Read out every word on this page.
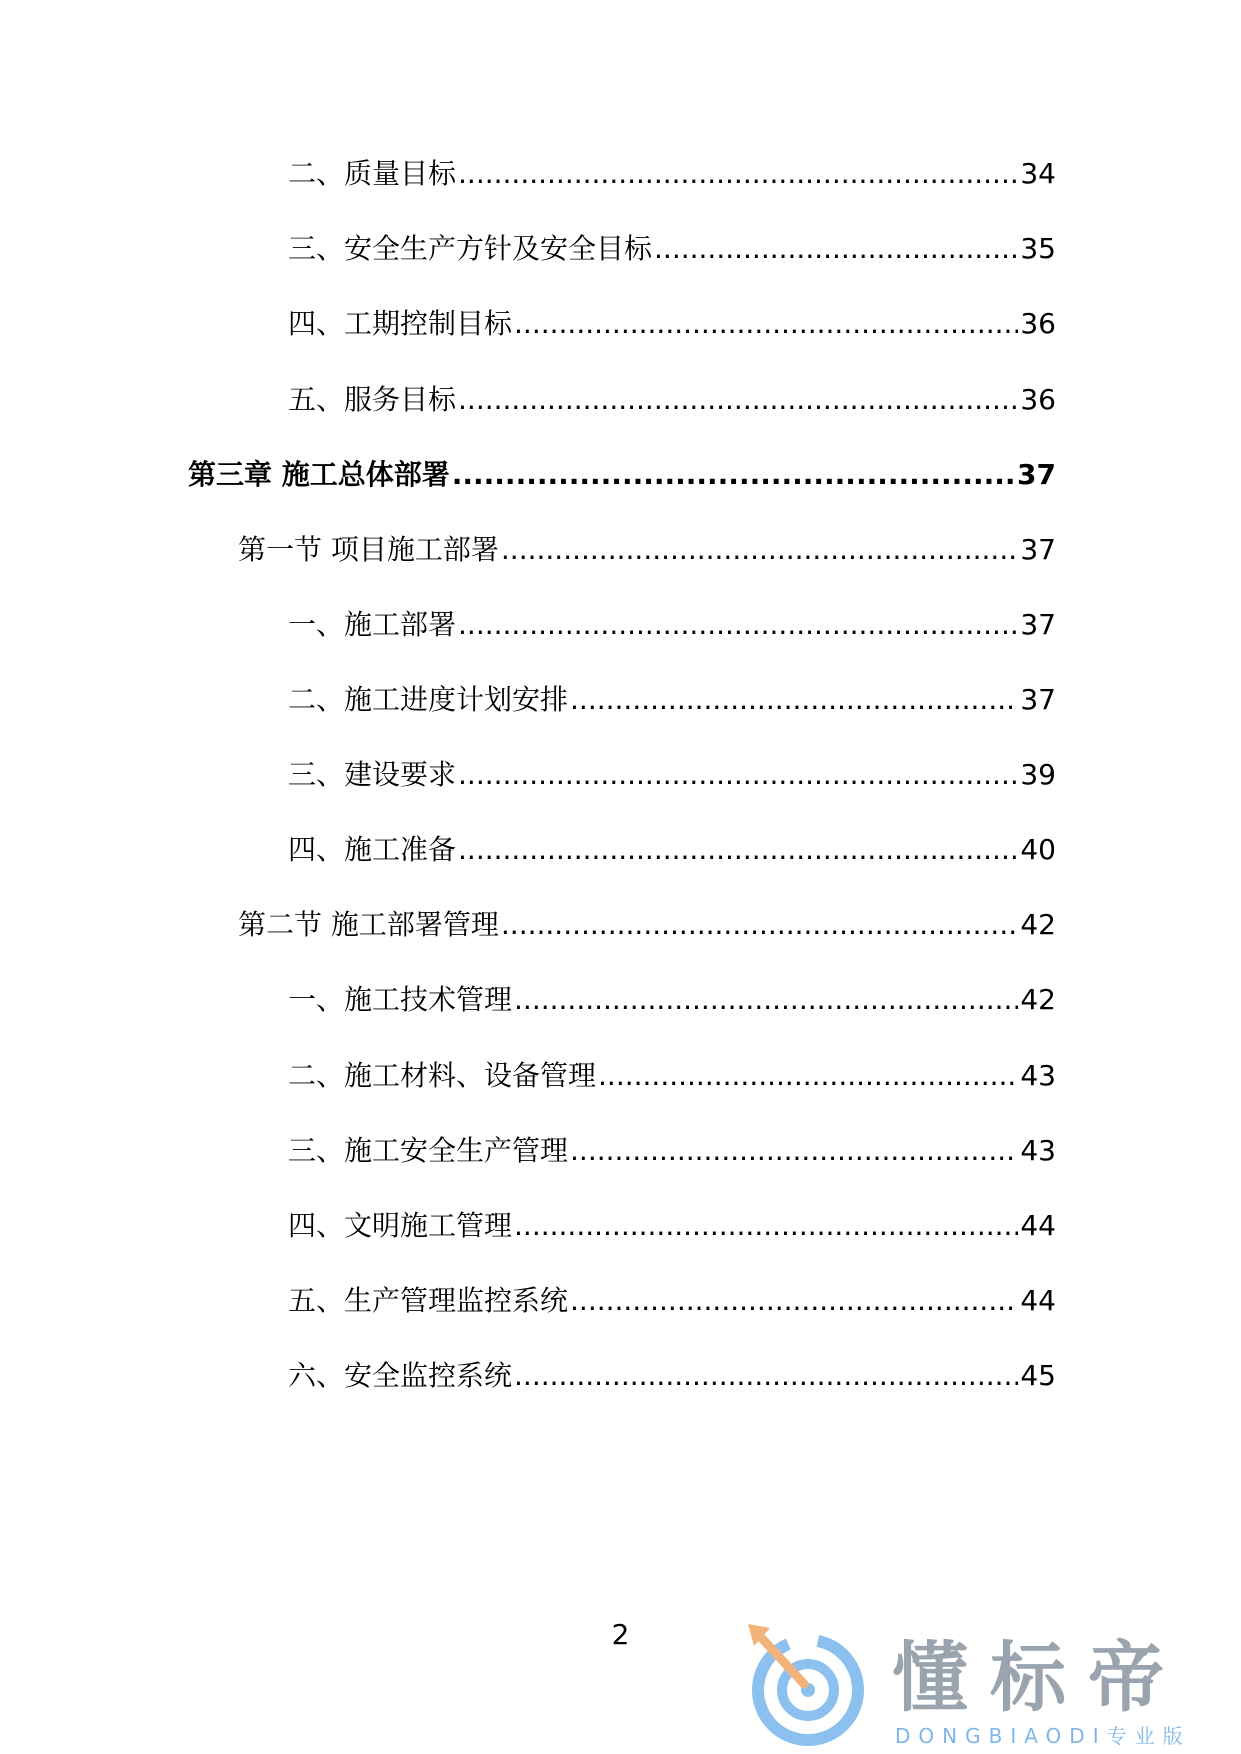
二、质量目标 .....	34
三、安全生产方针及安全目标 .....	35
四、工期控制目标 .....	36
五、服务目标 .....	36
第三章 施工总体部署 .....	37
第一节 项目施工部署 .....	37
一、施工部署 .....	37
二、施工进度计划安排 .....	37
三、建设要求 .....	39
四、施工准备 .....	40
第二节 施工部署管理 .....	42
一、施工技术管理 .....	42
二、施工材料、设备管理 .....	43
三、施工安全生产管理 .....	43
四、文明施工管理 .....	44
五、生产管理监控系统 .....	44
六、安全监控系统 .....	45
2	懂标帝
DONGBIAODI专业版
